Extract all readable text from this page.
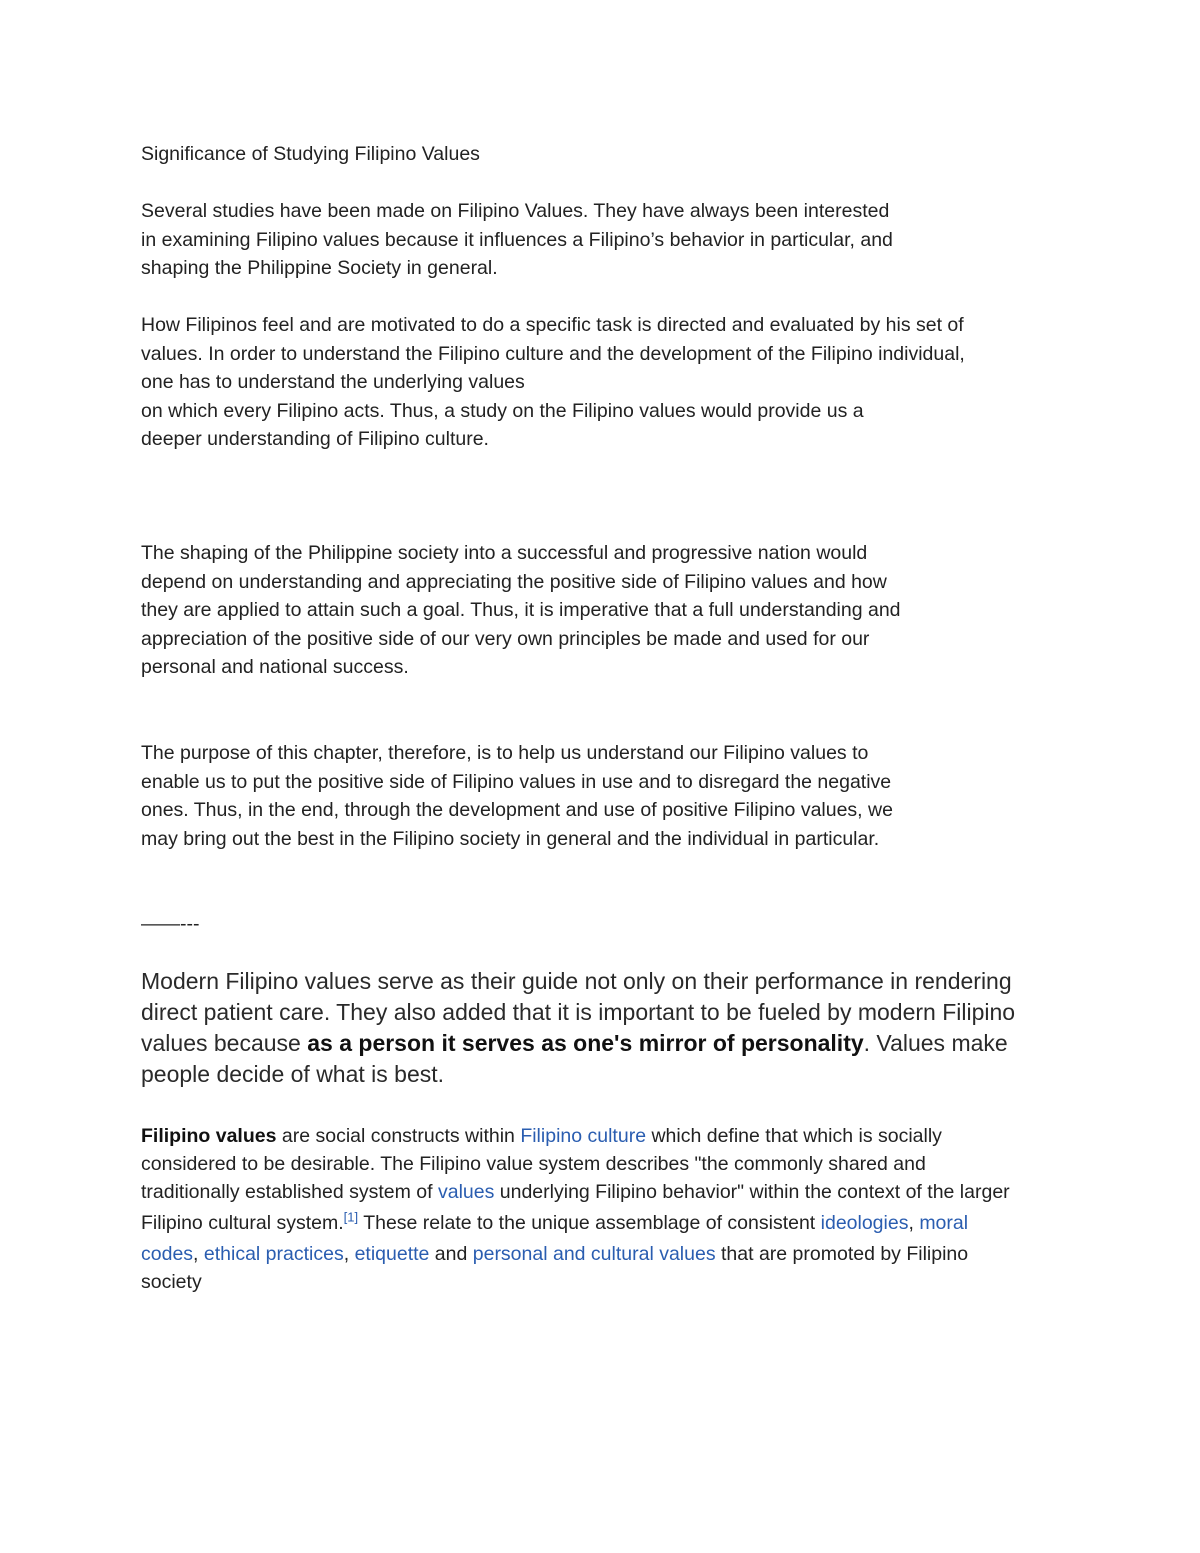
Significance of Studying Filipino Values
Several studies have been made on Filipino Values. They have always been interested
in examining Filipino values because it influences a Filipino’s behavior in particular, and
shaping the Philippine Society in general.
How Filipinos feel and are motivated to do a specific task is directed and evaluated by his set of
values. In order to understand the Filipino culture and the development of the Filipino individual,
one has to understand the underlying values
on which every Filipino acts. Thus, a study on the Filipino values would provide us a
deeper understanding of Filipino culture.
The shaping of the Philippine society into a successful and progressive nation would
depend on understanding and appreciating the positive side of Filipino values and how
they are applied to attain such a goal. Thus, it is imperative that a full understanding and
appreciation of the positive side of our very own principles be made and used for our
personal and national success.
The purpose of this chapter, therefore, is to help us understand our Filipino values to
enable us to put the positive side of Filipino values in use and to disregard the negative
ones. Thus, in the end, through the development and use of positive Filipino values, we
may bring out the best in the Filipino society in general and the individual in particular.
——---
Modern Filipino values serve as their guide not only on their performance in rendering
direct patient care. They also added that it is important to be fueled by modern Filipino
values because as a person it serves as one's mirror of personality. Values make
people decide of what is best.
Filipino values are social constructs within Filipino culture which define that which is socially
considered to be desirable. The Filipino value system describes "the commonly shared and
traditionally established system of values underlying Filipino behavior" within the context of the larger
Filipino cultural system.[1] These relate to the unique assemblage of consistent ideologies, moral
codes, ethical practices, etiquette and personal and cultural values that are promoted by Filipino
society
